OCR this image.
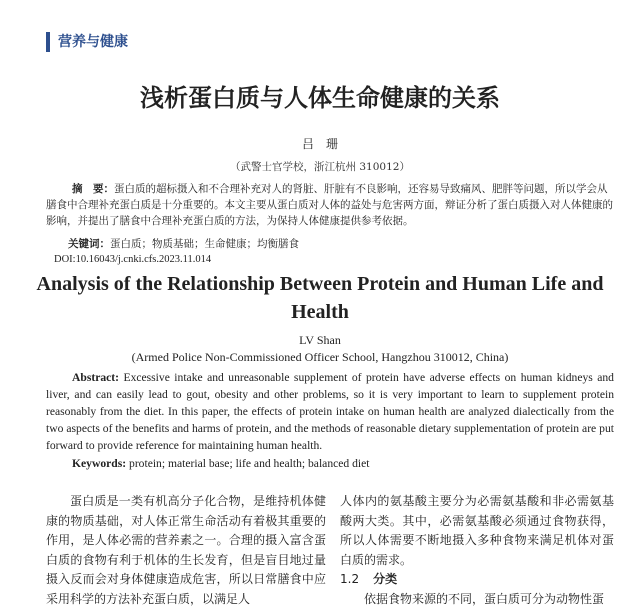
营养与健康
浅析蛋白质与人体生命健康的关系
吕　珊
（武警士官学校，浙江杭州 310012）

摘　要：蛋白质的超标摄入和不合理补充对人的肾脏、肝脏有不良影响，还容易导致痛风、肥胖等问题，所以学会从膳食中合理补充蛋白质是十分重要的。本文主要从蛋白质对人体的益处与危害两方面，辩证分析了蛋白质摄入对人体健康的影响，并提出了膳食中合理补充蛋白质的方法，为保持人体健康提供参考依据。

关键词：蛋白质；物质基础；生命健康；均衡膳食
DOI:10.16043/j.cnki.cfs.2023.11.014
Analysis of the Relationship Between Protein and Human Life and Health
LV Shan
(Armed Police Non-Commissioned Officer School, Hangzhou 310012, China)

Abstract: Excessive intake and unreasonable supplement of protein have adverse effects on human kidneys and liver, and can easily lead to gout, obesity and other problems, so it is very important to learn to supplement protein reasonably from the diet. In this paper, the effects of protein intake on human health are analyzed dialectically from the two aspects of the benefits and harms of protein, and the methods of reasonable dietary supplementation of protein are put forward to provide reference for maintaining human health.

Keywords: protein; material base; life and health; balanced diet

蛋白质是一类有机高分子化合物，是维持机体健康的物质基础，对人体正常生命活动有着极其重要的作用，是人体必需的营养素之一。合理的摄入富含蛋白质的食物有利于机体的生长发育，但是盲目地过量摄入反而会对身体健康造成危害，所以日常膳食中应采用科学的方法补充蛋白质，以满足人

人体内的氨基酸主要分为必需氨基酸和非必需氨基酸两大类。其中，必需氨基酸必须通过食物获得，所以人体需要不断地摄入多种食物来满足机体对蛋白质的需求。

1.2 分类

依据食物来源的不同，蛋白质可分为动物性蛋
